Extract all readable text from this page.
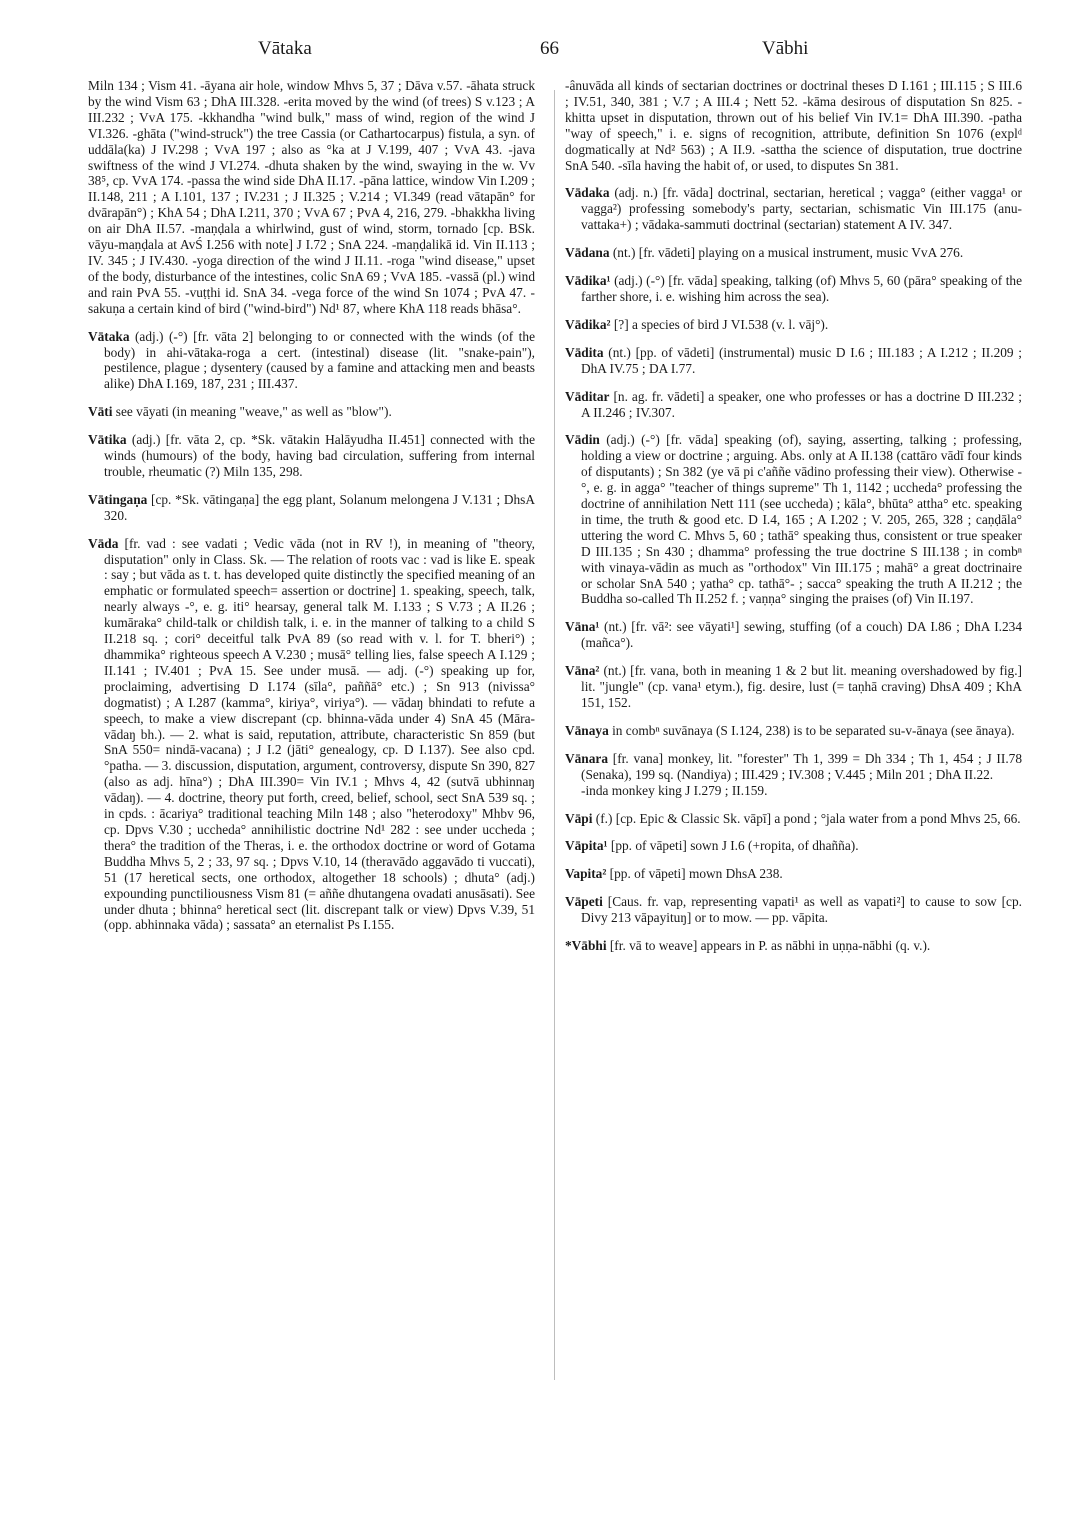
Vātaka	66	Vābhi

Miln 134 ; Vism 41. -āyana air hole, window Mhvs 5, 37 ; Dāva v.57. -āhata struck by the wind Vism 63 ; DhA III.328. -erita moved by the wind (of trees) S v.123 ; A III.232 ; VvA 175. -kkhandha "wind bulk," mass of wind, region of the wind J VI.326. -ghāta ("wind-struck") the tree Cassia (or Cathartocarpus) fistula, a syn. of uddāla(ka) J IV.298 ; VvA 197 ; also as °ka at J V.199, 407 ; VvA 43. -java swiftness of the wind J VI.274. -dhuta shaken by the wind, swaying in the w. Vv 38⁵, cp. VvA 174. -passa the wind side DhA II.17. -pāna lattice, window Vin I.209 ; II.148, 211 ; A I.101, 137 ; IV.231 ; J II.325 ; V.214 ; VI.349 (read vātapān° for dvārapān°) ; KhA 54 ; DhA I.211, 370 ; VvA 67 ; PvA 4, 216, 279. -bhakkha living on air DhA II.57. -maṇḍala a whirlwind, gust of wind, storm, tornado [cp. BSk. vāyu-maṇḍala at AvŚ I.256 with note] J I.72 ; SnA 224. -maṇḍalikā id. Vin II.113 ; IV. 345 ; J IV.430. -yoga direction of the wind J II.11. -roga "wind disease," upset of the body, disturbance of the intestines, colic SnA 69 ; VvA 185. -vassā (pl.) wind and rain PvA 55. -vuṭṭhi id. SnA 34. -vega force of the wind Sn 1074 ; PvA 47. -sakuṇa a certain kind of bird ("wind-bird") Nd¹ 87, where KhA 118 reads bhāsa°.

Vātaka (adj.) (-°) [fr. vāta 2] belonging to or connected with the winds (of the body) in ahi-vātaka-roga a cert. (intestinal) disease (lit. "snake-pain"), pestilence, plague ; dysentery (caused by a famine and attacking men and beasts alike) DhA I.169, 187, 231 ; III.437.

Vāti see vāyati (in meaning "weave," as well as "blow").

Vātika (adj.) [fr. vāta 2, cp. *Sk. vātakin Halāyudha II.451] connected with the winds (humours) of the body, having bad circulation, suffering from internal trouble, rheumatic (?) Miln 135, 298.

Vātingaṇa [cp. *Sk. vātingaṇa] the egg plant, Solanum melongena J V.131 ; DhsA 320.

Vāda [fr. vad : see vadati ; Vedic vāda (not in RV !), in meaning of "theory, disputation" only in Class. Sk. — The relation of roots vac : vad is like E. speak : say ; but vāda as t. t. has developed quite distinctly the specified meaning of an emphatic or formulated speech= assertion or doctrine] 1. speaking, speech, talk, nearly always -°, e. g. iti° hearsay, general talk M. I.133 ; S V.73 ; A II.26 ; kumāraka° child-talk or childish talk, i. e. in the manner of talking to a child S II.218 sq. ; cori° deceitful talk PvA 89 (so read with v. l. for T. bheri°) ; dhammika° righteous speech A V.230 ; musā° telling lies, false speech A I.129 ; II.141 ; IV.401 ; PvA 15. See under musā. — adj. (-°) speaking up for, proclaiming, advertising D I.174 (sīla°, paññā° etc.) ; Sn 913 (nivissa° dogmatist) ; A I.287 (kamma°, kiriya°, viriya°). — vādaŋ bhindati to refute a speech, to make a view discrepant (cp. bhinna-vāda under 4) SnA 45 (Māra-vādaŋ bh.). — 2. what is said, reputation, attribute, characteristic Sn 859 (but SnA 550= nindā-vacana) ; J I.2 (jāti° genealogy, cp. D I.137). See also cpd. °patha. — 3. discussion, disputation, argument, controversy, dispute Sn 390, 827 (also as adj. hīna°) ; DhA III.390= Vin IV.1 ; Mhvs 4, 42 (sutvā ubhinnaŋ vādaŋ). — 4. doctrine, theory put forth, creed, belief, school, sect SnA 539 sq. ; in cpds. : ācariya° traditional teaching Miln 148 ; also "heterodoxy" Mhbv 96, cp. Dpvs V.30 ; uccheda° annihilistic doctrine Nd¹ 282 : see under uccheda ; thera° the tradition of the Theras, i. e. the orthodox doctrine or word of Gotama Buddha Mhvs 5, 2 ; 33, 97 sq. ; Dpvs V.10, 14 (theravādo aggavādo ti vuccati), 51 (17 heretical sects, one orthodox, altogether 18 schools) ; dhuta° (adj.) expounding punctiliousness Vism 81 (= aññe dhutangena ovadati anusāsati). See under dhuta ; bhinna° heretical sect (lit. discrepant talk or view) Dpvs V.39, 51 (opp. abhinnaka vāda) ; sassata° an eternalist Ps I.155.

-ânuvāda all kinds of sectarian doctrines or doctrinal theses D I.161 ; III.115 ; S III.6 ; IV.51, 340, 381 ; V.7 ; A III.4 ; Nett 52. -kāma desirous of disputation Sn 825. -khitta upset in disputation, thrown out of his belief Vin IV.1= DhA III.390. -patha "way of speech," i. e. signs of recognition, attribute, definition Sn 1076 (explᵈ dogmatically at Nd² 563) ; A II.9. -sattha the science of disputation, true doctrine SnA 540. -sīla having the habit of, or used, to disputes Sn 381.

Vādaka (adj. n.) [fr. vāda] doctrinal, sectarian, heretical ; vagga° (either vagga¹ or vagga²) professing somebody's party, sectarian, schismatic Vin III.175 (anu-vattaka+) ; vādaka-sammuti doctrinal (sectarian) statement A IV. 347.

Vādana (nt.) [fr. vādeti] playing on a musical instrument, music VvA 276.

Vādika¹ (adj.) (-°) [fr. vāda] speaking, talking (of) Mhvs 5, 60 (pāra° speaking of the farther shore, i. e. wishing him across the sea).

Vādika² [?] a species of bird J VI.538 (v. l. vāj°).

Vādita (nt.) [pp. of vādeti] (instrumental) music D I.6 ; III.183 ; A I.212 ; II.209 ; DhA IV.75 ; DA I.77.

Vāditar [n. ag. fr. vādeti] a speaker, one who professes or has a doctrine D III.232 ; A II.246 ; IV.307.

Vādin (adj.) (-°) [fr. vāda] speaking (of), saying, asserting, talking ; professing, holding a view or doctrine ; arguing. Abs. only at A II.138 (cattāro vādī four kinds of disputants) ; Sn 382 (ye vā pi c'aññe vādino professing their view). Otherwise -°, e. g. in agga° "teacher of things supreme" Th 1, 1142 ; uccheda° professing the doctrine of annihilation Nett 111 (see uccheda) ; kāla°, bhūta° attha° etc. speaking in time, the truth & good etc. D I.4, 165 ; A I.202 ; V. 205, 265, 328 ; caṇḍāla° uttering the word C. Mhvs 5, 60 ; tathā° speaking thus, consistent or true speaker D III.135 ; Sn 430 ; dhamma° professing the true doctrine S III.138 ; in combⁿ with vinaya-vādin as much as "orthodox" Vin III.175 ; mahā° a great doctrinaire or scholar SnA 540 ; yatha° cp. tathā°- ; sacca° speaking the truth A II.212 ; the Buddha so-called Th II.252 f. ; vaṇṇa° singing the praises (of) Vin II.197.

Vāna¹ (nt.) [fr. vā²: see vāyati¹] sewing, stuffing (of a couch) DA I.86 ; DhA I.234 (mañca°).

Vāna² (nt.) [fr. vana, both in meaning 1 & 2 but lit. meaning overshadowed by fig.] lit. "jungle" (cp. vana¹ etym.), fig. desire, lust (= taṇhā craving) DhsA 409 ; KhA 151, 152.

Vānaya in combⁿ suvānaya (S I.124, 238) is to be separated su-v-ānaya (see ānaya).

Vānara [fr. vana] monkey, lit. "forester" Th 1, 399 = Dh 334 ; Th 1, 454 ; J II.78 (Senaka), 199 sq. (Nandiya) ; III.429 ; IV.308 ; V.445 ; Miln 201 ; DhA II.22.

-inda monkey king J I.279 ; II.159.

Vāpi (f.) [cp. Epic & Classic Sk. vāpī] a pond ; °jala water from a pond Mhvs 25, 66.

Vāpita¹ [pp. of vāpeti] sown J I.6 (+ropita, of dhañña).

Vapita² [pp. of vāpeti] mown DhsA 238.

Vāpeti [Caus. fr. vap, representing vapati¹ as well as vapati²] to cause to sow [cp. Divy 213 vāpayituŋ] or to mow. — pp. vāpita.

*Vābhi [fr. vā to weave] appears in P. as nābhi in uṇṇa-nābhi (q. v.).
